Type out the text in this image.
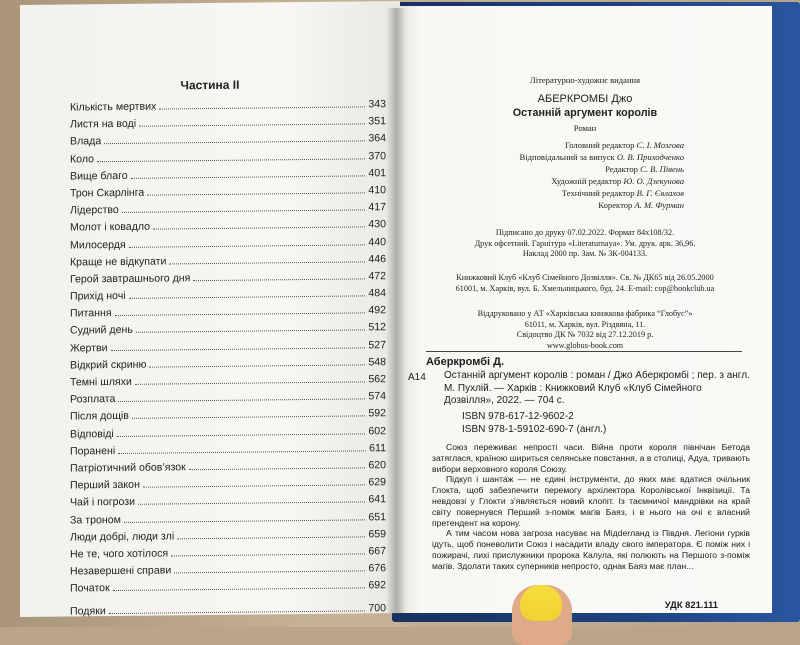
Частина II
Кількість мертвих	343
Листя на воді	351
Влада	364
Коло	370
Вище благо	401
Трон Скарлінга	410
Лідерство	417
Молот і ковадло	430
Милосердя	440
Краще не відкупати	446
Герой завтрашнього дня	472
Прихід ночі	484
Питання	492
Судний день	512
Жертви	527
Відкрий скриню	548
Темні шляхи	562
Розплата	574
Після дощів	592
Відповіді	602
Поранені	611
Патріотичний обов’язок	620
Перший закон	629
Чай і погрози	641
За троном	651
Люди добрі, люди злі	659
Не те, чого хотілося	667
Незавершені справи	676
Початок	692
Подяки	700
Літературно-художнє видання
АБЕРКРОМБІ Джо
Останній аргумент королів
Роман
Головний редактор С. І. Мозгова
Відповідальний за випуск О. В. Приходченко
Редактор С. В. Півень
Художній редактор Ю. О. Дзекунова
Технічний редактор В. Г. Євлахов
Коректор А. М. Фурман
Підписано до друку 07.02.2022. Формат 84x108/32.
Друк офсетний. Гарнітура «Literaturnaya». Ум. друк. арк. 36,96.
Наклад 2000 пр. Зам. № 3К-004133.
Книжковий Клуб «Клуб Сімейного Дозвілля». Св. № ДК65 від 26.05.2000
61001, м. Харків, вул. Б. Хмельницького, буд. 24. E-mail: cop@bookclub.ua
Віддруковано у АТ «Харківська книжкова фабрика “Глобус”»
61011, м. Харків, вул. Різдвяна, 11.
Свідоцтво ДК № 7032 від 27.12.2019 р.
www.globus-book.com
Аберкромбі Д.
А14 Останній аргумент королів : роман / Джо Аберкромбі ; пер. з англ. М. Пухлій. — Харків : Книжковий Клуб «Клуб Сімейного Дозвілля», 2022. — 704 с.
ISBN 978-617-12-9602-2
ISBN 978-1-59102-690-7 (англ.)

Союз переживає непрості часи. Війна проти короля північан Бетода затяглася, країною шириться селянське повстання, а в столиці, Адуа, тривають вибори верховного короля Союзу.

Підкуп і шантаж — не єдині інструменти, до яких має вдатися очільник Глокта, щоб забезпечити перемогу архілектора Королівської Інквізиції. Та невдовзі у Глокти з’являється новий клопіт. Із таємничої мандрівки на край світу повернувся Перший з-поміж магів Баяз, і в нього на очі є власний претендент на корону.

А тим часом нова загроза насуває на Мідderланд із Півдня. Легіони гурків ідуть, щоб поневолити Союз і насадити владу свого імператора. Є поміж них і пожирачі, лихі прислужники пророка Калула, які полюють на Першого з-поміж магів. Здолати таких суперників непросто, однак Баяз має план...

УДК 821.111
